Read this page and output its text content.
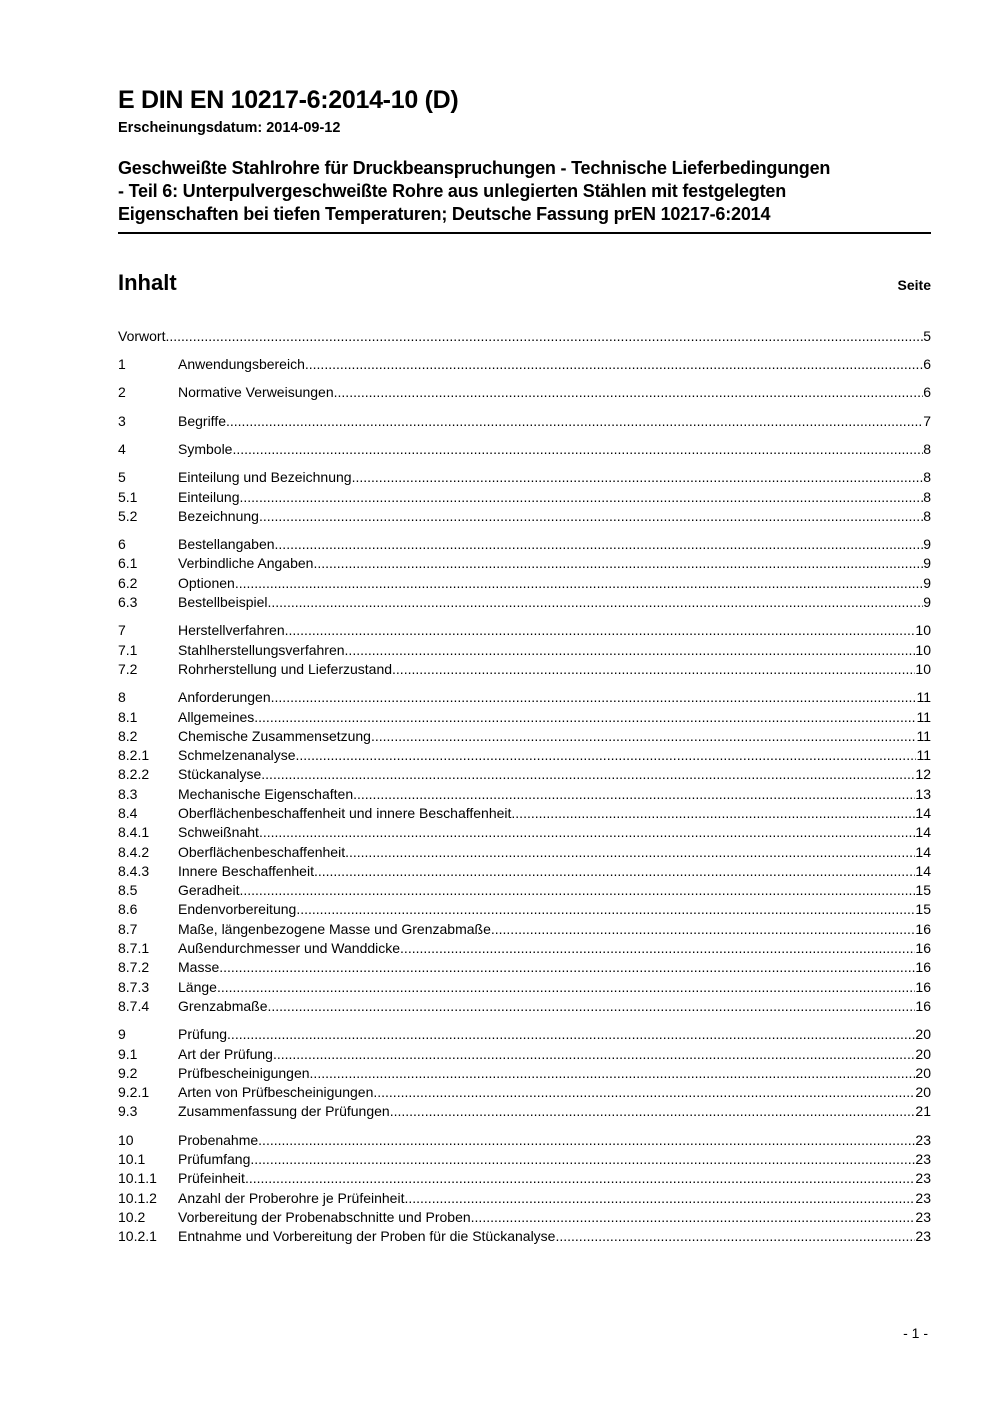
E DIN EN 10217-6:2014-10 (D)
Erscheinungsdatum: 2014-09-12
Geschweißte Stahlrohre für Druckbeanspruchungen - Technische Lieferbedingungen
- Teil 6: Unterpulvergeschweißte Rohre aus unlegierten Stählen mit festgelegten
Eigenschaften bei tiefen Temperaturen; Deutsche Fassung prEN 10217-6:2014
Inhalt	Seite
Vorwort .....	5
1	Anwendungsbereich .....	6
2	Normative Verweisungen .....	6
3	Begriffe .....	7
4	Symbole .....	8
5	Einteilung und Bezeichnung .....	8
5.1	Einteilung .....	8
5.2	Bezeichnung .....	8
6	Bestellangaben .....	9
6.1	Verbindliche Angaben .....	9
6.2	Optionen .....	9
6.3	Bestellbeispiel .....	9
7	Herstellverfahren .....	10
7.1	Stahlherstellungsverfahren .....	10
7.2	Rohrherstellung und Lieferzustand .....	10
8	Anforderungen .....	11
8.1	Allgemeines .....	11
8.2	Chemische Zusammensetzung .....	11
8.2.1	Schmelzenanalyse .....	11
8.2.2	Stückanalyse .....	12
8.3	Mechanische Eigenschaften .....	13
8.4	Oberflächenbeschaffenheit und innere Beschaffenheit .....	14
8.4.1	Schweißnaht .....	14
8.4.2	Oberflächenbeschaffenheit .....	14
8.4.3	Innere Beschaffenheit .....	14
8.5	Geradheit .....	15
8.6	Endenvorbereitung .....	15
8.7	Maße, längenbezogene Masse und Grenzabmaße .....	16
8.7.1	Außendurchmesser und Wanddicke .....	16
8.7.2	Masse .....	16
8.7.3	Länge .....	16
8.7.4	Grenzabmaße .....	16
9	Prüfung .....	20
9.1	Art der Prüfung .....	20
9.2	Prüfbescheinigungen .....	20
9.2.1	Arten von Prüfbescheinigungen .....	20
9.3	Zusammenfassung der Prüfungen .....	21
10	Probenahme .....	23
10.1	Prüfumfang .....	23
10.1.1	Prüfeinheit .....	23
10.1.2	Anzahl der Proberohre je Prüfeinheit .....	23
10.2	Vorbereitung der Probenabschnitte und Proben .....	23
10.2.1	Entnahme und Vorbereitung der Proben für die Stückanalyse .....	23
- 1 -
